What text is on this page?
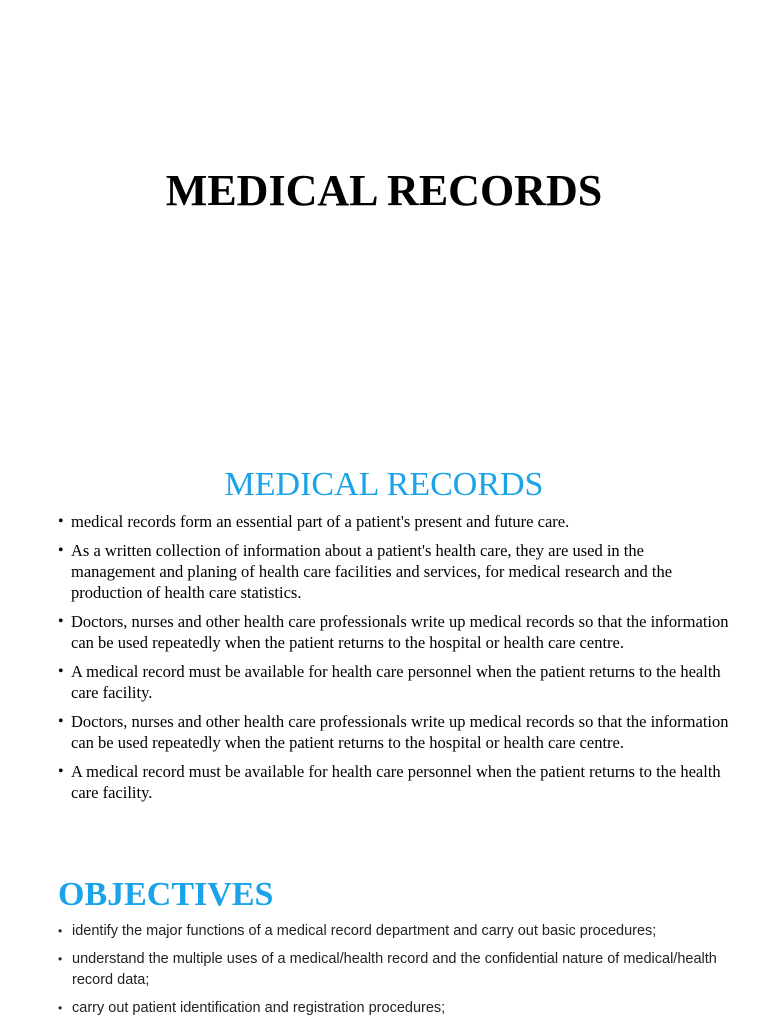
MEDICAL RECORDS
MEDICAL RECORDS
• medical records form an essential part of a patient's present and future care.
• As a written collection of information about a patient's health care, they are used in the management and planing of health care facilities and services, for medical research and the production of health care statistics.
• Doctors, nurses and other health care professionals write up medical records so that the information can be used repeatedly when the patient returns to the hospital or health care centre.
• A medical record must be available for health care personnel when the patient returns to the health care facility.
• Doctors, nurses and other health care professionals write up medical records so that the information can be used repeatedly when the patient returns to the hospital or health care centre.
• A medical record must be available for health care personnel when the patient returns to the health care facility.
OBJECTIVES
• identify the major functions of a medical record department and carry out basic procedures;
• understand the multiple uses of a medical/health record and the confidential nature of medical/health record data;
• carry out patient identification and registration procedures;
